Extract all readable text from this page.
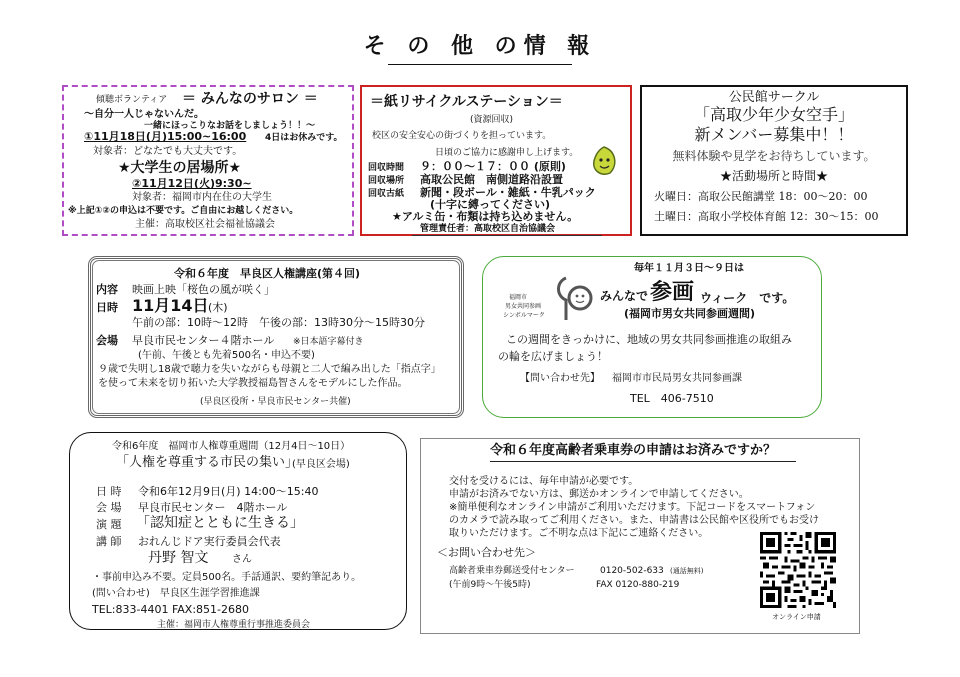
そ の 他 の情 報
傾聴ボランティア ＝ みんなのサロン ＝
～自分一人じゃないんだ。
一緒にほっこりなお話をしましょう！！～
①11月18日(月)15:00~16:00 4日はお休みです。
対象者：どなたでも大丈夫です。
★大学生の居場所★
②11月12日(火)9:30~
対象者：福岡市内在住の大学生
※上記①②の申込は不要です。ご自由にお越しください。
主催：高取校区社会福祉協議会
＝紙リサイクルステーション＝
(資源回収)
校区の安全安心の街づくりを担っています。
日頃のご協力に感謝申し上げます。
回収時間 ９：００～１７：００ (原則)
回収場所 高取公民館　南側道路沿設置
回収古紙 新聞・段ボール・雑紙・牛乳パック
(十字に縛ってください)
★アルミ缶・布類は持ち込めません。
管理責任者：高取校区自治協議会
公民館サークル
「高取少年少女空手」
新メンバー募集中！！
無料体験や見学をお待ちしています。
★活動場所と時間★
火曜日：高取公民館講堂 18：00～20：00
土曜日：高取小学校体育館 12：30～15：00
令和６年度　早良区人権講座(第４回)
内容 映画上映「桜色の風が咲く」
日時 11月14日 (木)
午前の部：10時～12時　午後の部：13時30分～15時30分
会場 早良市民センター４階ホール ※日本語字幕付き
(午前、午後とも先着500名・申込不要)
９歳で失明し18歳で聴力を失いながらも母親と二人で編み出した「指点字」
を使って未来を切り拓いた大学教授福島智さんをモデルにした作品。
(早良区役所・早良市民センター共催)
毎年１１月３日～９日は
福岡市
男女共同参画
シンボルマーク
みんなで 参画 ウィーク　です。
(福岡市男女共同参画週間)
この週間をきっかけに、地域の男女共同参画推進の取組み
の輪を広げましょう！
【問い合わせ先】 福岡市市民局男女共同参画課
TEL　406-7510
令和6年度　福岡市人権尊重週間（12月4日～10日）
「人権を尊重する市民の集い」
(早良区会場)
日 時 令和6年12月9日(月) 14:00～15:40
会 場 早良市民センター　4階ホール
演 題 「認知症とともに生きる」
講 師 おれんじドア実行委員会代表
丹野 智文 さん
・事前申込み不要。定員500名。手話通訳、要約筆記あり。
(問い合わせ)　早良区生涯学習推進課
TEL:833-4401 FAX:851-2680
主催：福岡市人権尊重行事推進委員会
令和６年度高齢者乗車券の申請はお済みですか？
交付を受けるには、毎年申請が必要です。
申請がお済みでない方は、郵送かオンラインで申請してください。
※簡単便利なオンライン申請がご利用いただけます。下記コードをスマートフォン
のカメラで読み取ってご利用ください。また、申請書は公民館や区役所でもお受け
取りいただけます。ご不明な点は下記にご連絡ください。
＜お問い合わせ先＞
高齢者乗車券郵送受付センター	0120-502-633 (通話無料)
(午前9時～午後5時)	FAX 0120-880-219
オンライン申請
